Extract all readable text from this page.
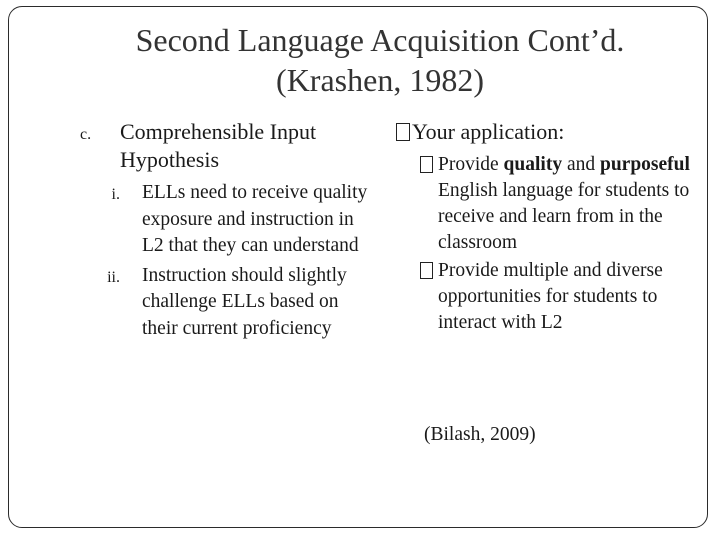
Second Language Acquisition Cont’d.
(Krashen, 1982)
c.	Comprehensible Input Hypothesis
i.	ELLs need to receive quality exposure and instruction in L2 that they can understand
ii.	Instruction should slightly challenge ELLs based on their current proficiency
Your application:
Provide quality and purposeful English language for students to receive and learn from in the classroom
Provide multiple and diverse opportunities for students to interact with L2
(Bilash, 2009)
